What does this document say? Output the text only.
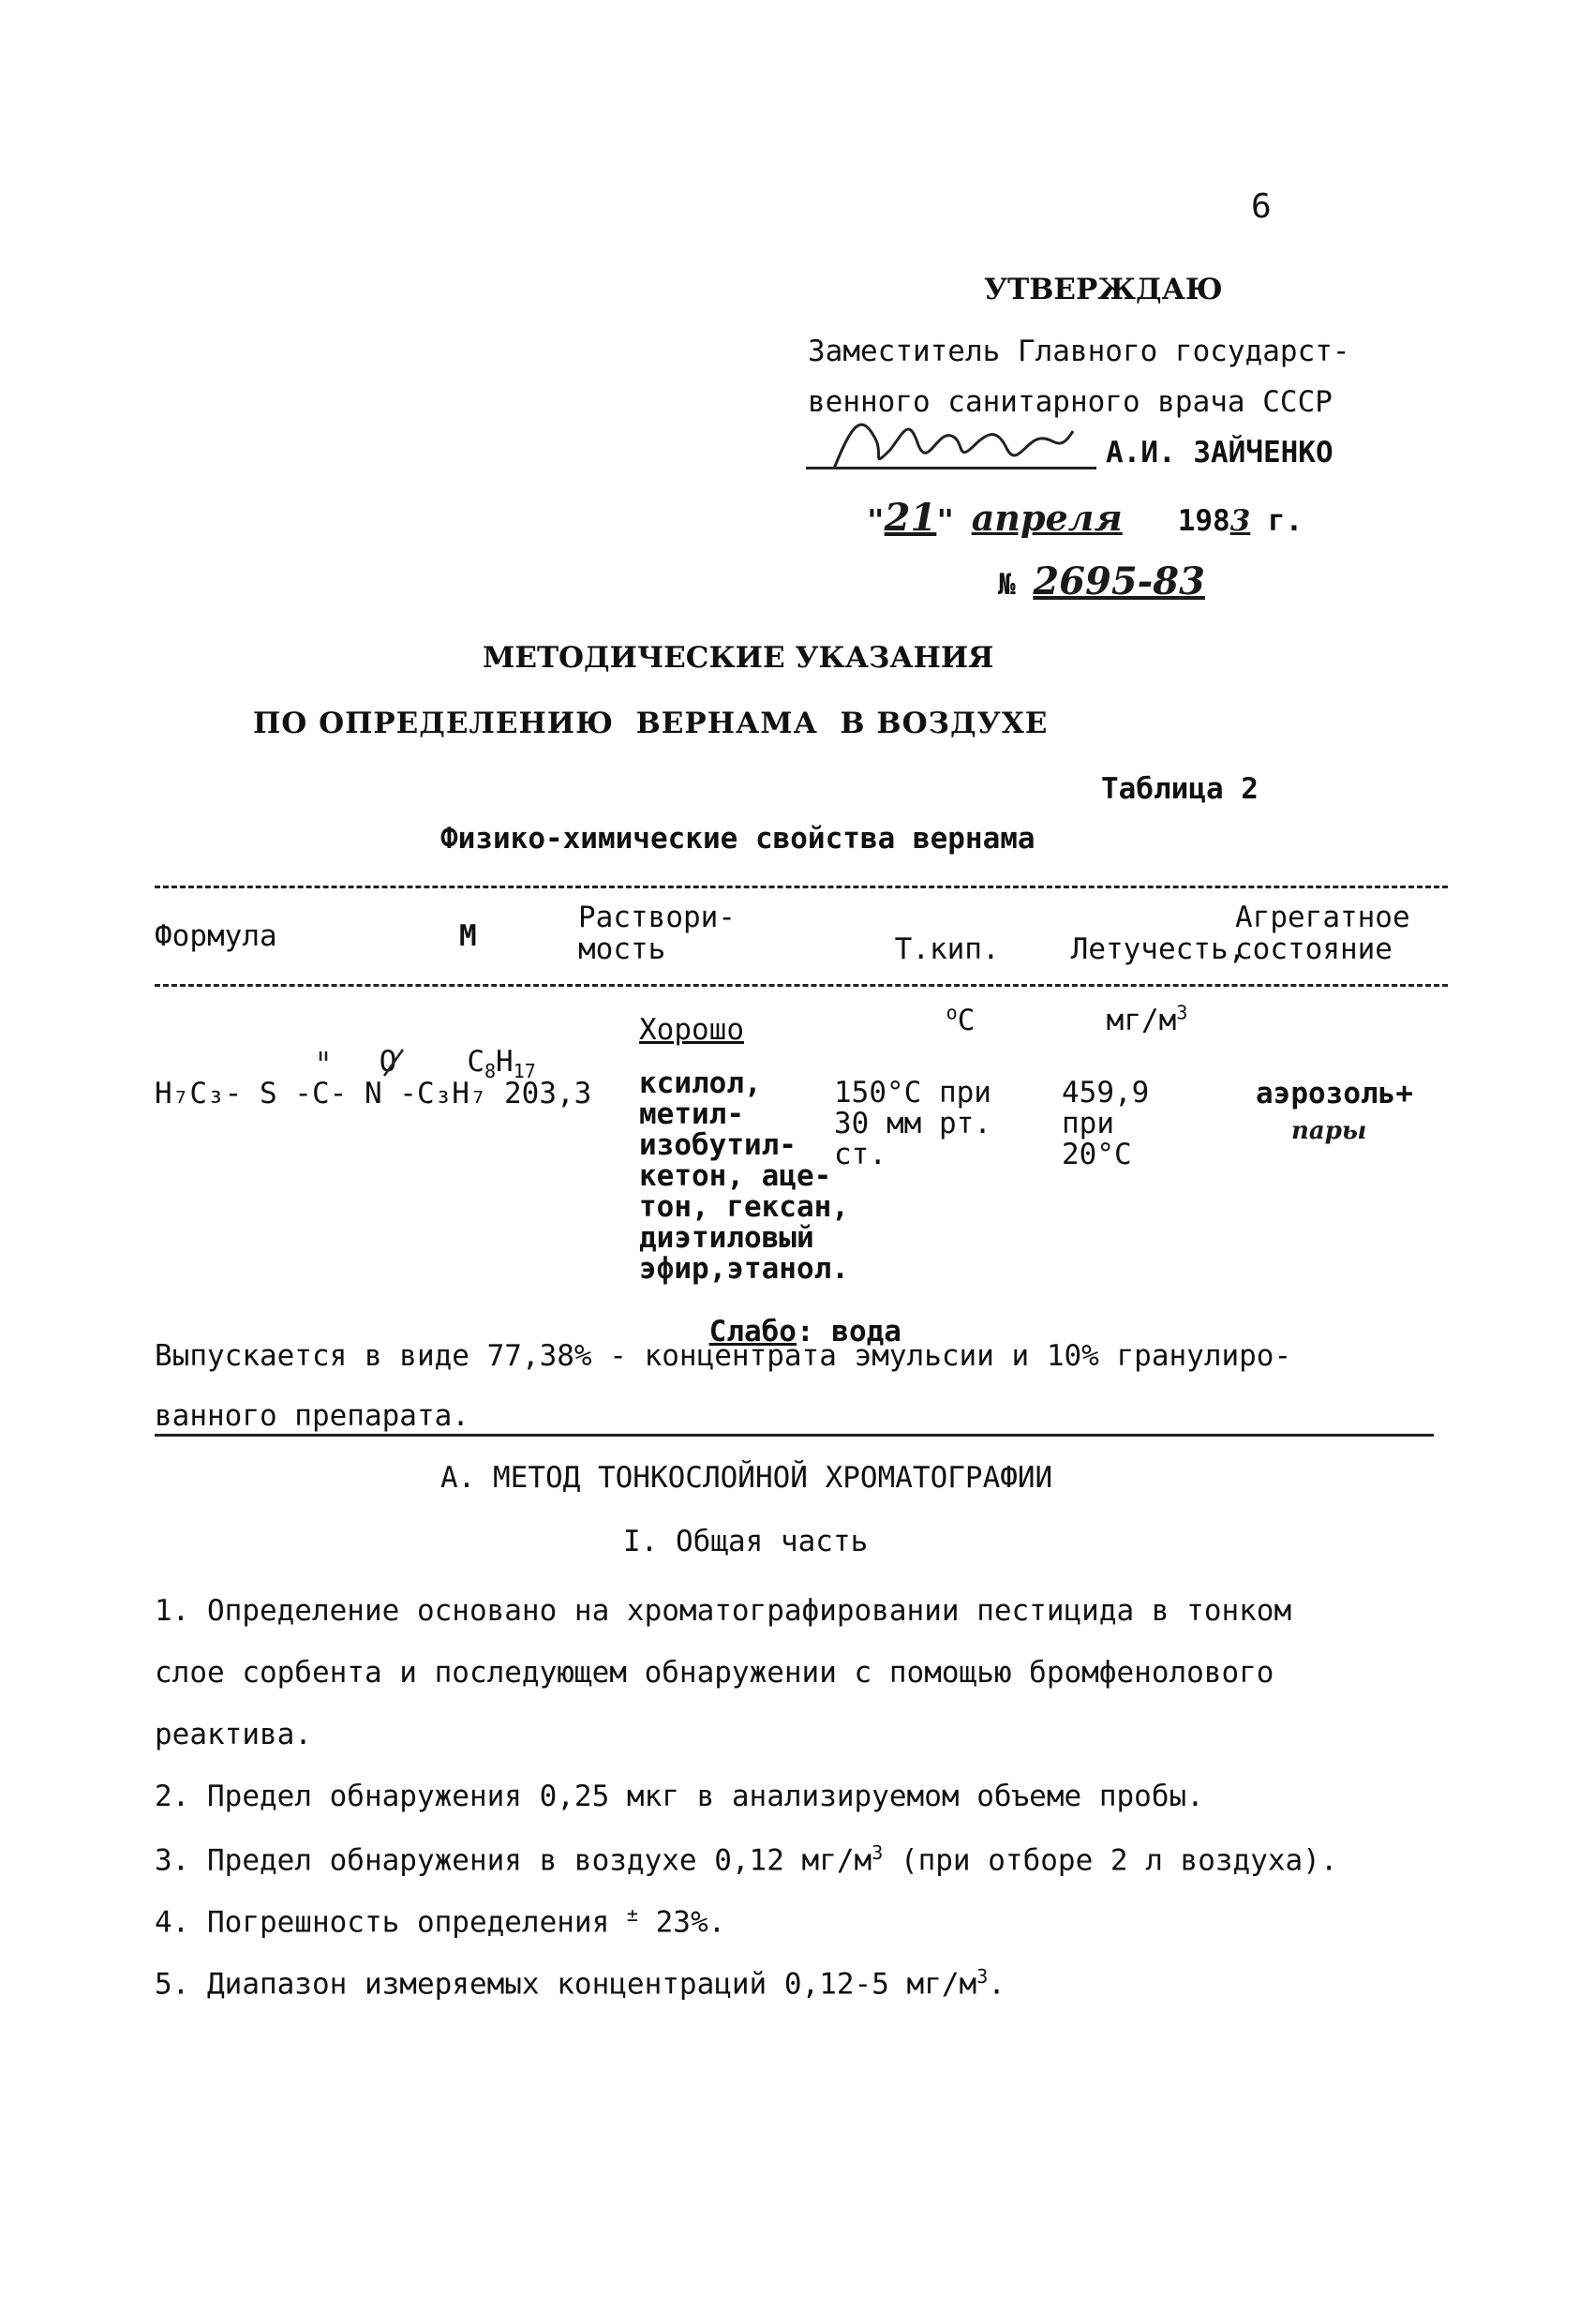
6
УТВЕРЖДАЮ
Заместитель Главного государст-
венного санитарного врача СССР
А.И. ЗАЙЧЕНКО
"21" апреля 1983 г.
№ 2695-83
МЕТОДИЧЕСКИЕ УКАЗАНИЯ
ПО ОПРЕДЕЛЕНИЮ  ВЕРНАМА  В ВОЗДУХЕ
Таблица 2
Физико-химические свойства вернама
Формула	М
Раствори-
мость	Т.кип.

$^o$С

Летучесть,

$мг/м^3$

Агрегатное
состояние

O $C_8H_{17}$

H₇C₃- S -C- N -C₃H₇ 203,3
Хорошо
ксилол,
метил-
изобутил-
кетон, аце-
тон, гексан,
диэтиловый
эфир,этанол.

Слабо: вода

150°С при
30 мм рт.
ст.
459,9
при
20°С
аэрозоль+
пары
Выпускается в виде 77,38% - концентрата эмульсии и 10% гранулиро-
ванного препарата.
А. МЕТОД ТОНКОСЛОЙНОЙ ХРОМАТОГРАФИИ
I. Общая часть
1. Определение основано на хроматографировании пестицида в тонком
слое сорбента и последующем обнаружении с помощью бромфенолового
реактива.
2. Предел обнаружения 0,25 мкг в анализируемом объеме пробы.
3. Предел обнаружения в воздухе 0,12 $мг/м^3$ (при отборе 2 л воздуха).
4. Погрешность определения ± 23%.
5. Диапазон измеряемых концентраций 0,12-5 $мг/м^3$.
